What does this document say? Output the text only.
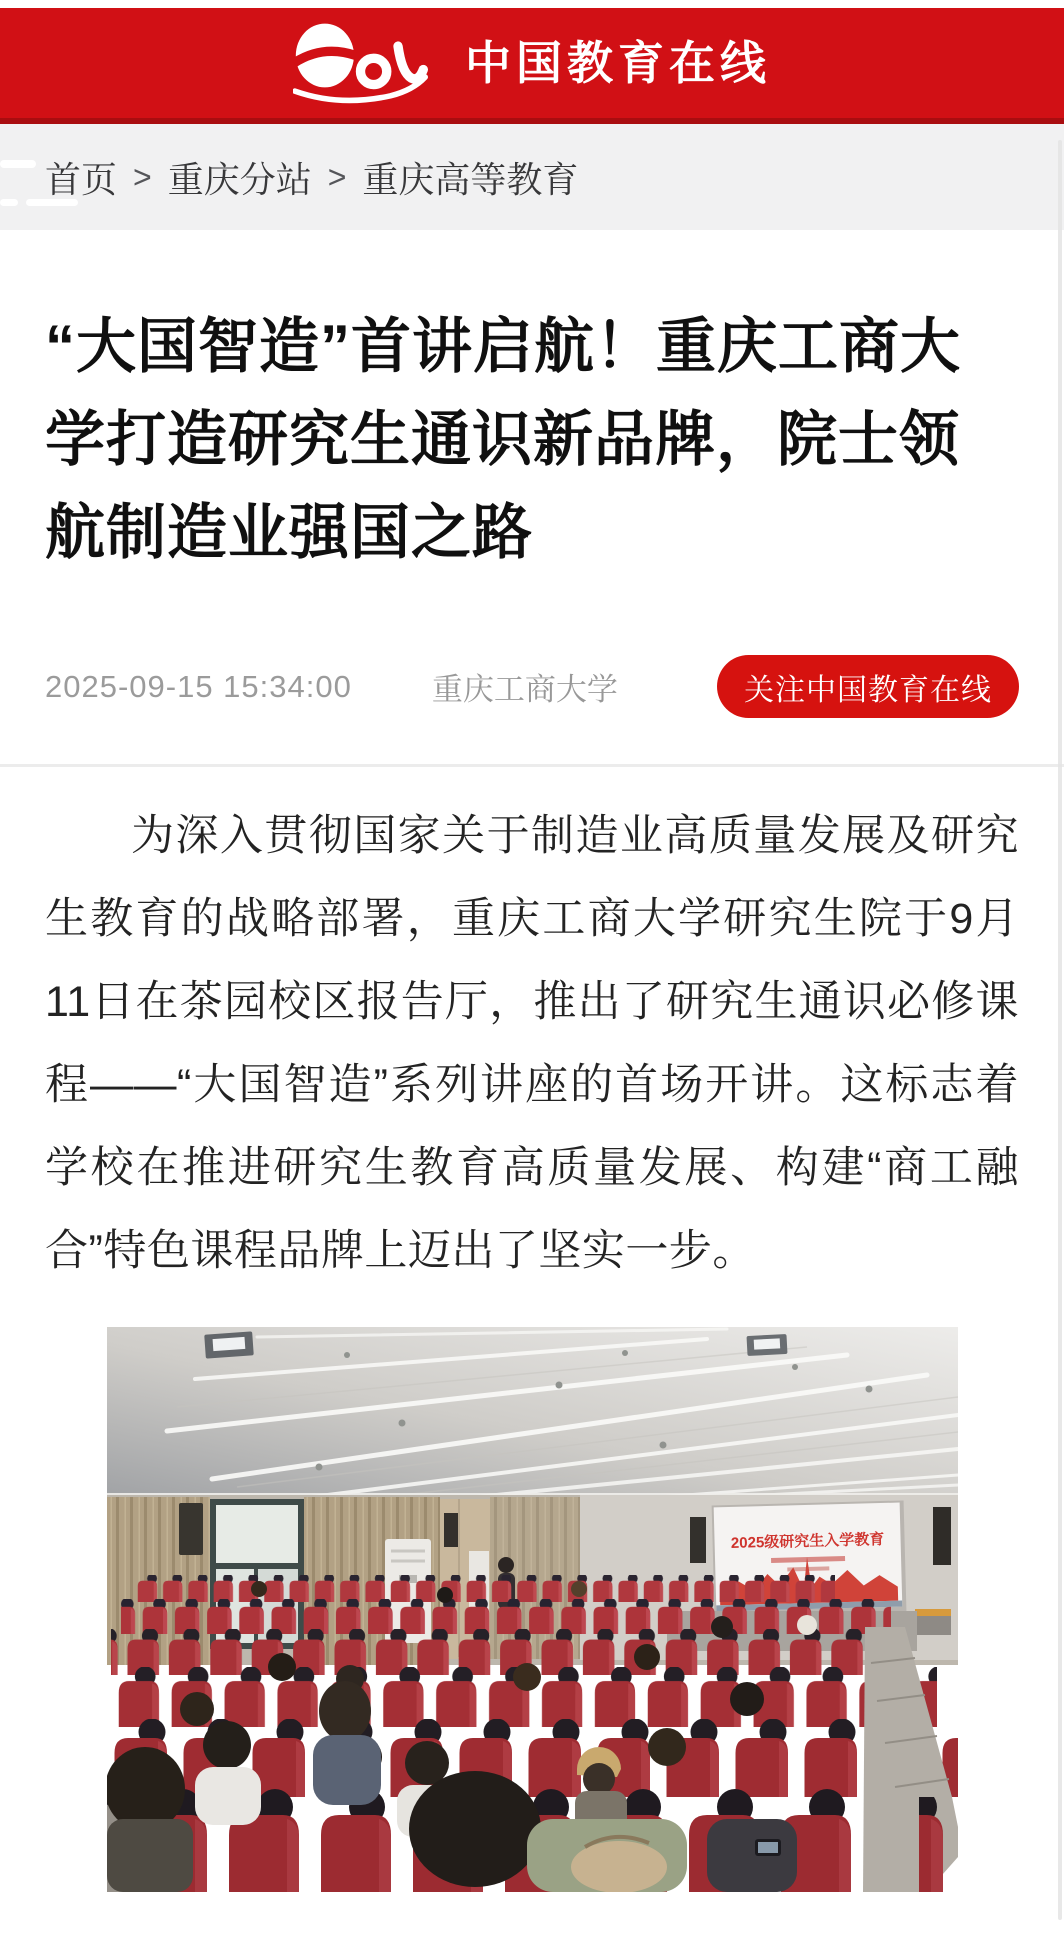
中国教育在线
首页 > 重庆分站 > 重庆高等教育
“大国智造”首讲启航！重庆工商大学打造研究生通识新品牌，院士领航制造业强国之路
2025-09-15 15:34:00	重庆工商大学	关注中国教育在线

为深入贯彻国家关于制造业高质量发展及研究生教育的战略部署，重庆工商大学研究生院于9月11日在茶园校区报告厅，推出了研究生通识必修课程——“大国智造”系列讲座的首场开讲。这标志着学校在推进研究生教育高质量发展、构建“商工融合”特色课程品牌上迈出了坚实一步。

2025级研究生入学教育
